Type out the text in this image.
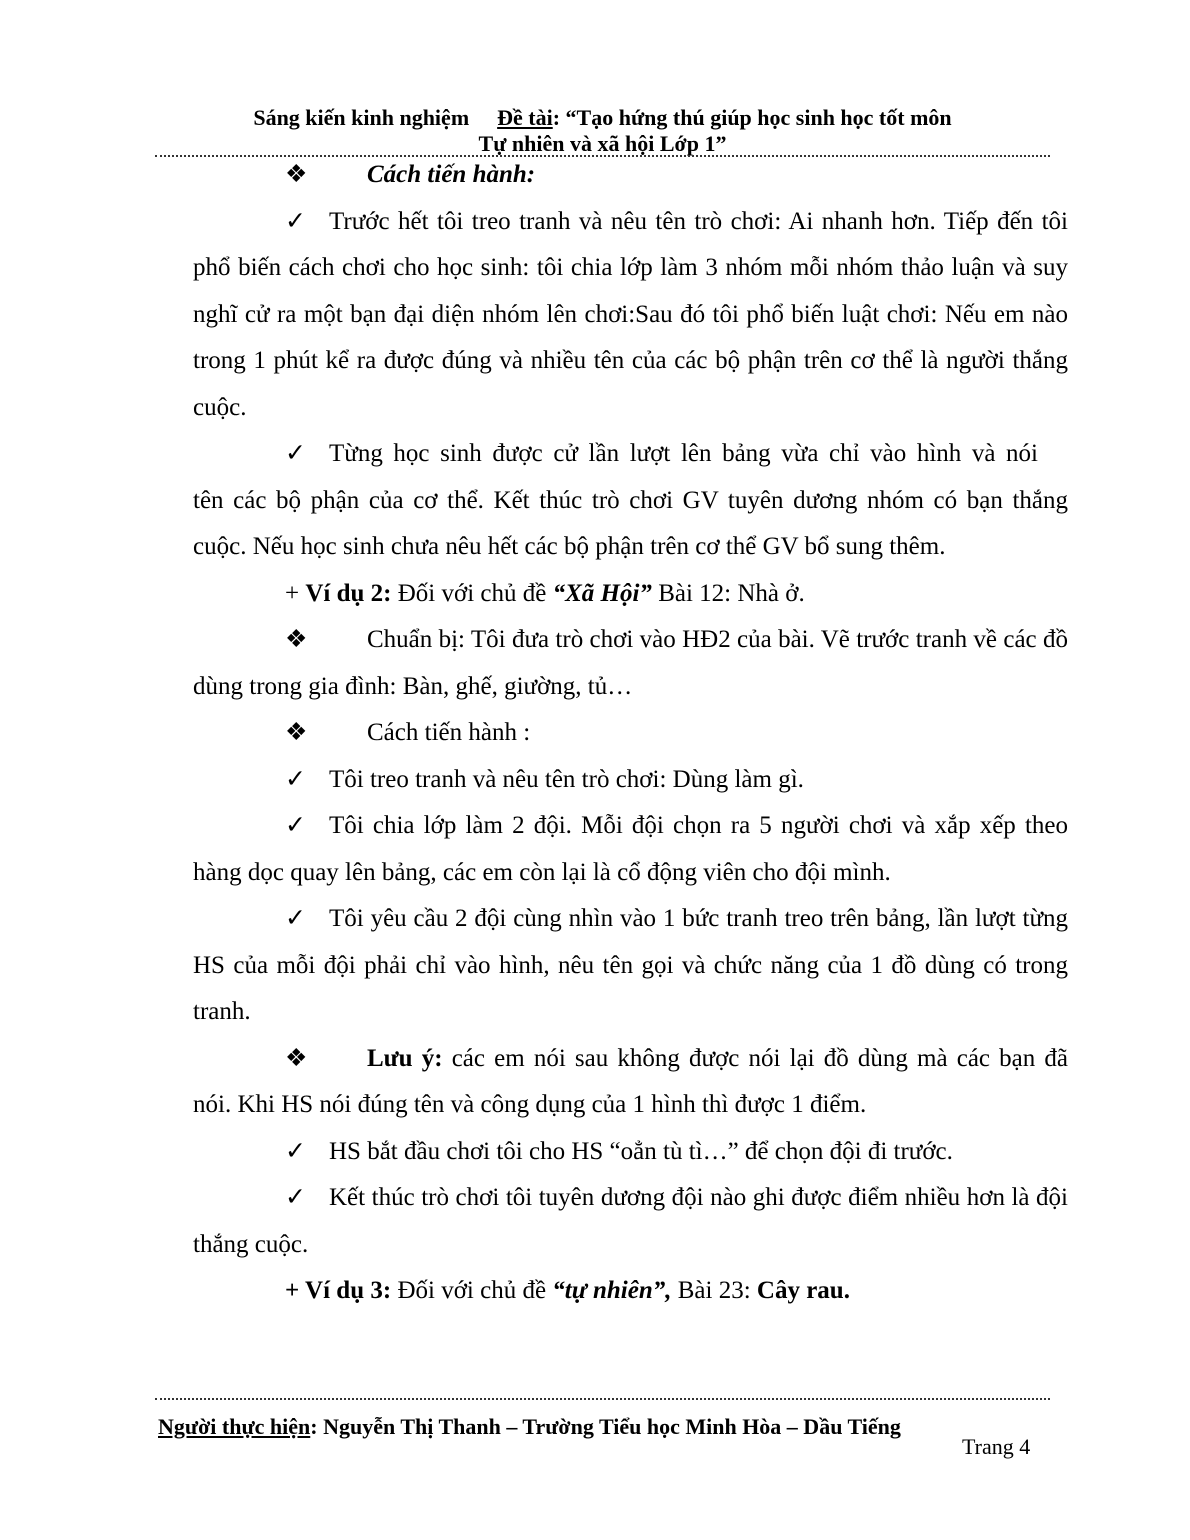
Sáng kiến kinh nghiệm Đề tài: “Tạo hứng thú giúp học sinh học tốt môn
Tự nhiên và xã hội Lớp 1”

❖ Cách tiến hành:

✓ Trước hết tôi treo tranh và nêu tên trò chơi: Ai nhanh hơn. Tiếp đến tôi phổ biến cách chơi cho học sinh: tôi chia lớp làm 3 nhóm mỗi nhóm thảo luận và suy nghĩ cử ra một bạn đại diện nhóm lên chơi:Sau đó tôi phổ biến luật chơi: Nếu em nào trong 1 phút kể ra được đúng và nhiều tên của các bộ phận trên cơ thể là người thắng cuộc.

✓ Từng học sinh được cử lần lượt lên bảng vừa chỉ vào hình và nói

tên các bộ phận của cơ thể. Kết thúc trò chơi GV tuyên dương nhóm có bạn thắng cuộc. Nếu học sinh chưa nêu hết các bộ phận trên cơ thể GV bổ sung thêm.

+ Ví dụ 2: Đối với chủ đề “Xã Hội” Bài 12: Nhà ở.

❖ Chuẩn bị: Tôi đưa trò chơi vào HĐ2 của bài. Vẽ trước tranh về các đồ dùng trong gia đình: Bàn, ghế, giường, tủ…

❖ Cách tiến hành :

✓ Tôi treo tranh và nêu tên trò chơi: Dùng làm gì.

✓ Tôi chia lớp làm 2 đội. Mỗi đội chọn ra 5 người chơi và xắp xếp theo hàng dọc quay lên bảng, các em còn lại là cổ động viên cho đội mình.

✓ Tôi yêu cầu 2 đội cùng nhìn vào 1 bức tranh treo trên bảng, lần lượt từng HS của mỗi đội phải chỉ vào hình, nêu tên gọi và chức năng của 1 đồ dùng có trong tranh.

❖ Lưu ý: các em nói sau không được nói lại đồ dùng mà các bạn đã nói. Khi HS nói đúng tên và công dụng của 1 hình thì được 1 điểm.

✓ HS bắt đầu chơi tôi cho HS “oẳn tù tì…” để chọn đội đi trước.

✓ Kết thúc trò chơi tôi tuyên dương đội nào ghi được điểm nhiều hơn là đội thắng cuộc.

+ Ví dụ 3: Đối với chủ đề “tự nhiên”, Bài 23: Cây rau.

Người thực hiện: Nguyễn Thị Thanh – Trường Tiểu học Minh Hòa – Dầu Tiếng
Trang 4
